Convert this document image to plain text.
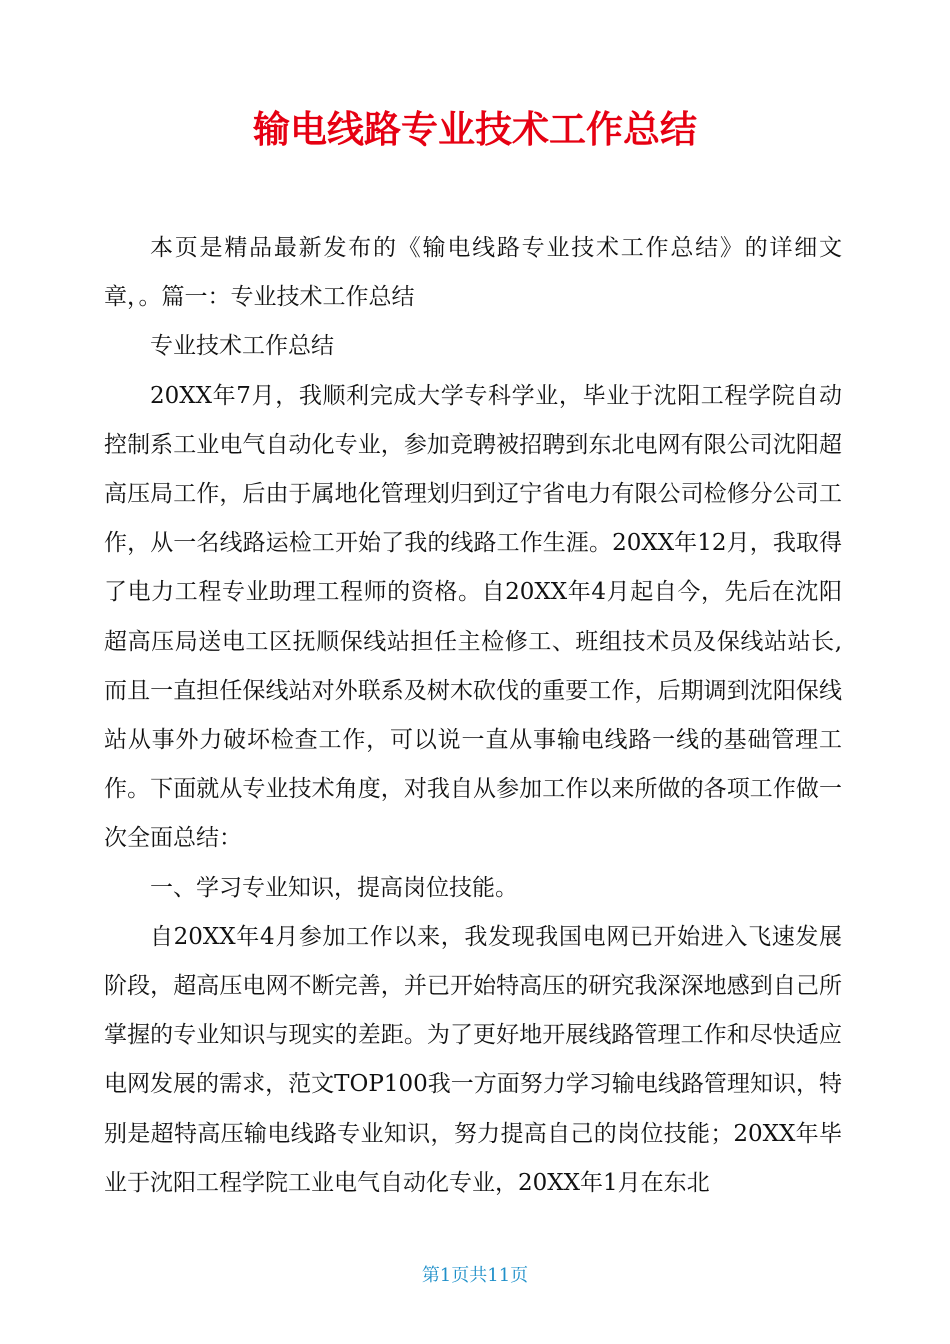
输电线路专业技术工作总结

本页是精品最新发布的《输电线路专业技术工作总结》的详细文章，。篇一：专业技术工作总结

专业技术工作总结

20XX年7月，我顺利完成大学专科学业，毕业于沈阳工程学院自动控制系工业电气自动化专业，参加竞聘被招聘到东北电网有限公司沈阳超高压局工作，后由于属地化管理划归到辽宁省电力有限公司检修分公司工作，从一名线路运检工开始了我的线路工作生涯。20XX年12月，我取得了电力工程专业助理工程师的资格。自20XX年4月起自今，先后在沈阳超高压局送电工区抚顺保线站担任主检修工、班组技术员及保线站站长,而且一直担任保线站对外联系及树木砍伐的重要工作，后期调到沈阳保线站从事外力破坏检查工作，可以说一直从事输电线路一线的基础管理工作。下面就从专业技术角度，对我自从参加工作以来所做的各项工作做一次全面总结：

一、学习专业知识，提高岗位技能。

自20XX年4月参加工作以来，我发现我国电网已开始进入飞速发展阶段，超高压电网不断完善，并已开始特高压的研究我深深地感到自己所掌握的专业知识与现实的差距。为了更好地开展线路管理工作和尽快适应电网发展的需求，范文TOP100我一方面努力学习输电线路管理知识，特别是超特高压输电线路专业知识，努力提高自己的岗位技能；20XX年毕业于沈阳工程学院工业电气自动化专业，20XX年1月在东北

第1页共11页
